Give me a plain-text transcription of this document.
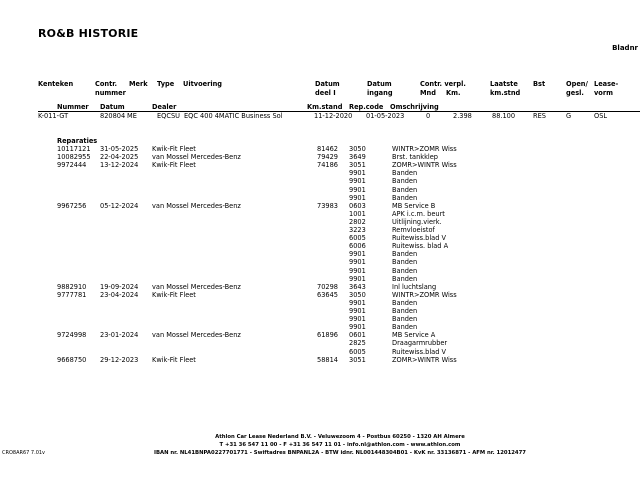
RO&B HISTORIE
Bladnr
Kenteken	Contr.
nummer
Merk Type Uitvoering	Datum
deel I
Datum
ingang
Contr. verpl.
Mnd Km.
Laatste
km.stnd
Bst	Open/
gesl.
Lease-
vorm
Nummer Datum	Dealer	Km.stand Rep.code Omschrijving
K-011-GT	820804 ME	EQCSU EQC 400 4MATIC Business Sol	11-12-2020 01-05-2023	0	2.398	88.100	RES	G	OSL
Reparaties
10117121 31-05-2025 Kwik-Fit Fleet	81462 3050	WINTR>ZOMR Wiss
10082955 22-04-2025 van Mossel Mercedes-Benz	79429 3649	Brst. tankklep
9972444 13-12-2024 Kwik-Fit Fleet	74186 3051	ZOMR>WINTR Wiss
9901	Banden
9901	Banden
9901	Banden
9901	Banden
9967256 05-12-2024 van Mossel Mercedes-Benz	73983 0603	MB Service B
1001	APK i.c.m. beurt
2802	Uitlijning.vierk.
3223	Remvloeistof
6005	Ruitewiss.blad V
6006	Ruitewiss. blad A
9901	Banden
9901	Banden
9901	Banden
9901	Banden
9882910 19-09-2024 van Mossel Mercedes-Benz	70298 3643	Inl luchtslang
9777781 23-04-2024 Kwik-Fit Fleet	63645 3050	WINTR>ZOMR Wiss
9901	Banden
9901	Banden
9901	Banden
9901	Banden
9724998 23-01-2024 van Mossel Mercedes-Benz	61896 0601	MB Service A
2825	Draagarmrubber
6005	Ruitewiss.blad V
9668750 29-12-2023 Kwik-Fit Fleet	58814 3051	ZOMR>WINTR Wiss
Athlon Car Lease Nederland B.V. - Veluwezoom 4 - Postbus 60250 - 1320 AH Almere
T +31 36 547 11 00 - F +31 36 547 11 01 - info.nl@athlon.com - www.athlon.com
IBAN nr. NL41BNPA0227701771 - Swiftadres BNPANL2A - BTW idnr. NL001448304B01 - KvK nr. 33136871 - AFM nr. 12012477
CRO8AR67 7.01v
